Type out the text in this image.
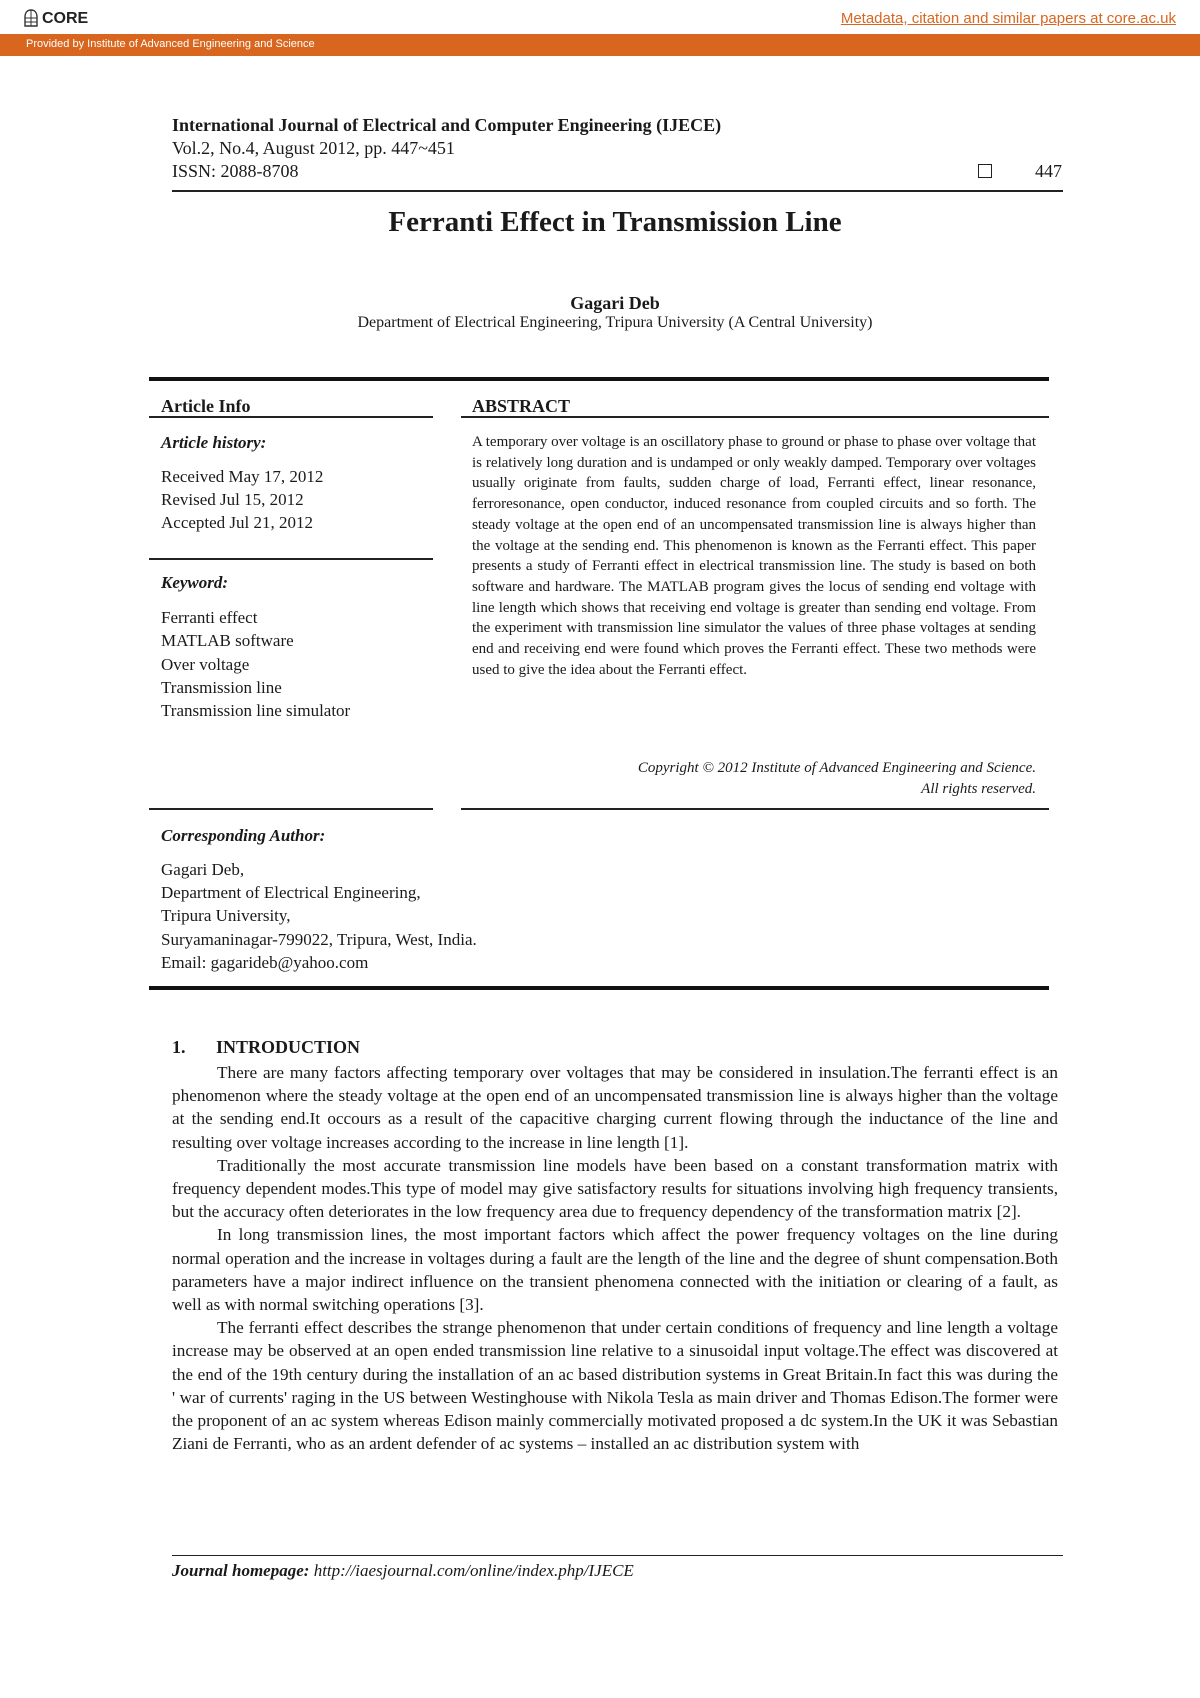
CORE	Metadata, citation and similar papers at core.ac.uk
Provided by Institute of Advanced Engineering and Science
International Journal of Electrical and Computer Engineering (IJECE)
Vol.2, No.4, August 2012, pp. 447~451
ISSN: 2088-8708	447
Ferranti Effect in Transmission Line
Gagari Deb
Department of Electrical Engineering, Tripura University (A Central University)
Article Info	ABSTRACT
Article history:
Received May 17, 2012
Revised Jul 15, 2012
Accepted Jul 21, 2012
Keyword:
Ferranti effect
MATLAB software
Over voltage
Transmission line
Transmission line simulator
A temporary over voltage is an oscillatory phase to ground or phase to phase over voltage that is relatively long duration and is undamped or only weakly damped. Temporary over voltages usually originate from faults, sudden charge of load, Ferranti effect, linear resonance, ferroresonance, open conductor, induced resonance from coupled circuits and so forth. The steady voltage at the open end of an uncompensated transmission line is always higher than the voltage at the sending end. This phenomenon is known as the Ferranti effect. This paper presents a study of Ferranti effect in electrical transmission line. The study is based on both software and hardware. The MATLAB program gives the locus of sending end voltage with line length which shows that receiving end voltage is greater than sending end voltage. From the experiment with transmission line simulator the values of three phase voltages at sending end and receiving end were found which proves the Ferranti effect. These two methods were used to give the idea about the Ferranti effect.
Copyright © 2012 Institute of Advanced Engineering and Science.
All rights reserved.
Corresponding Author:
Gagari Deb,
Department of Electrical Engineering,
Tripura University,
Suryamaninagar-799022, Tripura, West, India.
Email: gagarideb@yahoo.com
1. INTRODUCTION

There are many factors affecting temporary over voltages that may be considered in insulation.The ferranti effect is an phenomenon where the steady voltage at the open end of an uncompensated transmission line is always higher than the voltage at the sending end.It occours as a result of the capacitive charging current flowing through the inductance of the line and resulting over voltage increases according to the increase in line length [1].

Traditionally the most accurate transmission line models have been based on a constant transformation matrix with frequency dependent modes.This type of model may give satisfactory results for situations involving high frequency transients, but the accuracy often deteriorates in the low frequency area due to frequency dependency of the transformation matrix [2].

In long transmission lines, the most important factors which affect the power frequency voltages on the line during normal operation and the increase in voltages during a fault are the length of the line and the degree of shunt compensation.Both parameters have a major indirect influence on the transient phenomena connected with the initiation or clearing of a fault, as well as with normal switching operations [3].

The ferranti effect describes the strange phenomenon that under certain conditions of frequency and line length a voltage increase may be observed at an open ended transmission line relative to a sinusoidal input voltage.The effect was discovered at the end of the 19th century during the installation of an ac based distribution systems in Great Britain.In fact this was during the ' war of currents' raging in the US between Westinghouse with Nikola Tesla as main driver and Thomas Edison.The former were the proponent of an ac system whereas Edison mainly commercially motivated proposed a dc system.In the UK it was Sebastian Ziani de Ferranti, who as an ardent defender of ac systems – installed an ac distribution system with

Journal homepage: http://iaesjournal.com/online/index.php/IJECE
